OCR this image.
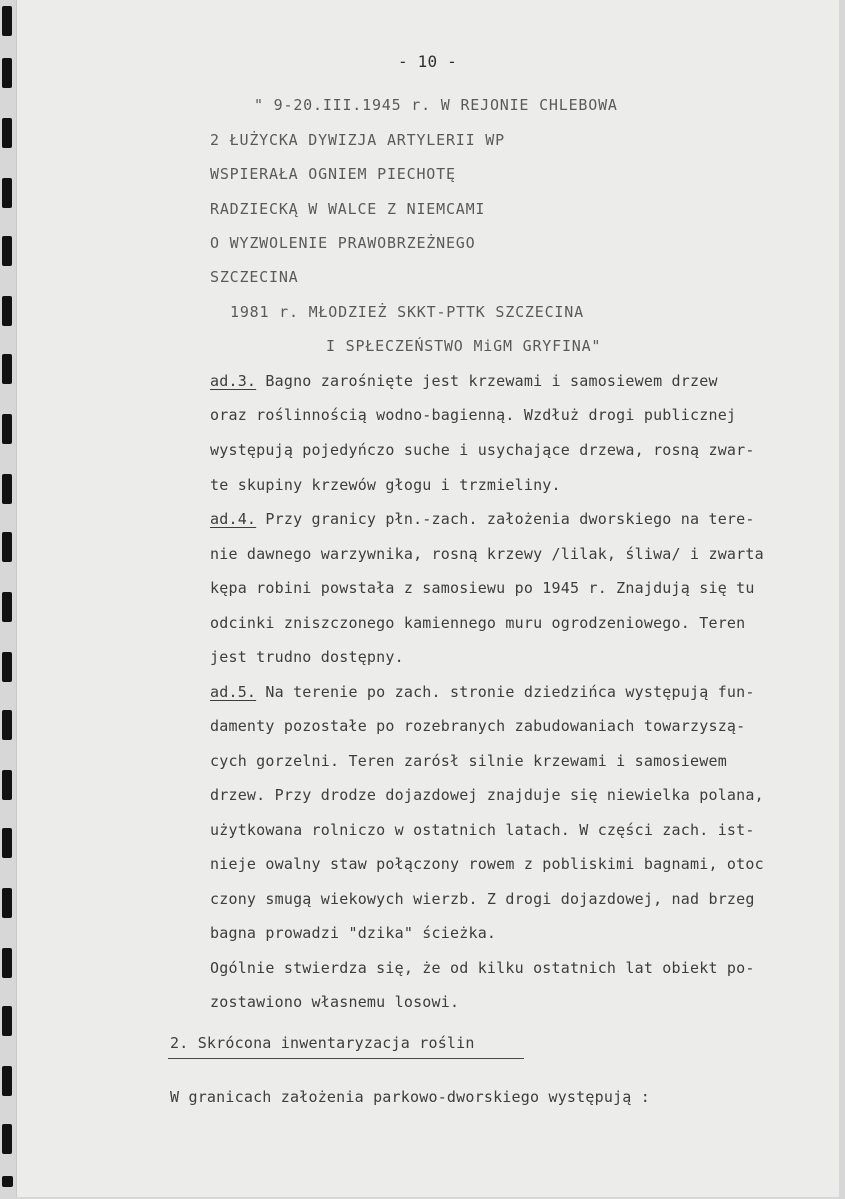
- 10 -
" 9-20.III.1945 r. W REJONIE CHLEBOWA
2 ŁUŻYCKA DYWIZJA ARTYLERII WP
WSPIERAŁA OGNIEM PIECHOTĘ
RADZIECKĄ W WALCE Z NIEMCAMI
O WYZWOLENIE PRAWOBRZEŻNEGO
SZCZECINA
1981 r. MŁODZIEŻ SKKT-PTTK SZCZECINA
I SPŁECZEŃSTWO MiGM GRYFINA"
ad.3. Bagno zarośnięte jest krzewami i samosiewem drzew
oraz roślinnością wodno-bagienną. Wzdłuż drogi publicznej
występują pojedyńczo suche i usychające drzewa, rosną zwar-
te skupiny krzewów głogu i trzmieliny.
ad.4. Przy granicy płn.-zach. założenia dworskiego na tere-
nie dawnego warzywnika, rosną krzewy /lilak, śliwa/ i zwarta
kępa robini powstała z samosiewu po 1945 r. Znajdują się tu
odcinki zniszczonego kamiennego muru ogrodzeniowego. Teren
jest trudno dostępny.
ad.5. Na terenie po zach. stronie dziedzińca występują fun-
damenty pozostałe po rozebranych zabudowaniach towarzyszą-
cych gorzelni. Teren zarósł silnie krzewami i samosiewem
drzew. Przy drodze dojazdowej znajduje się niewielka polana,
użytkowana rolniczo w ostatnich latach. W części zach. ist-
nieje owalny staw połączony rowem z pobliskimi bagnami, otoc
czony smugą wiekowych wierzb. Z drogi dojazdowej, nad brzeg
bagna prowadzi "dzika" ścieżka.
Ogólnie stwierdza się, że od kilku ostatnich lat obiekt po-
zostawiono własnemu losowi.
2. Skrócona inwentaryzacja roślin
W granicach założenia parkowo-dworskiego występują :
